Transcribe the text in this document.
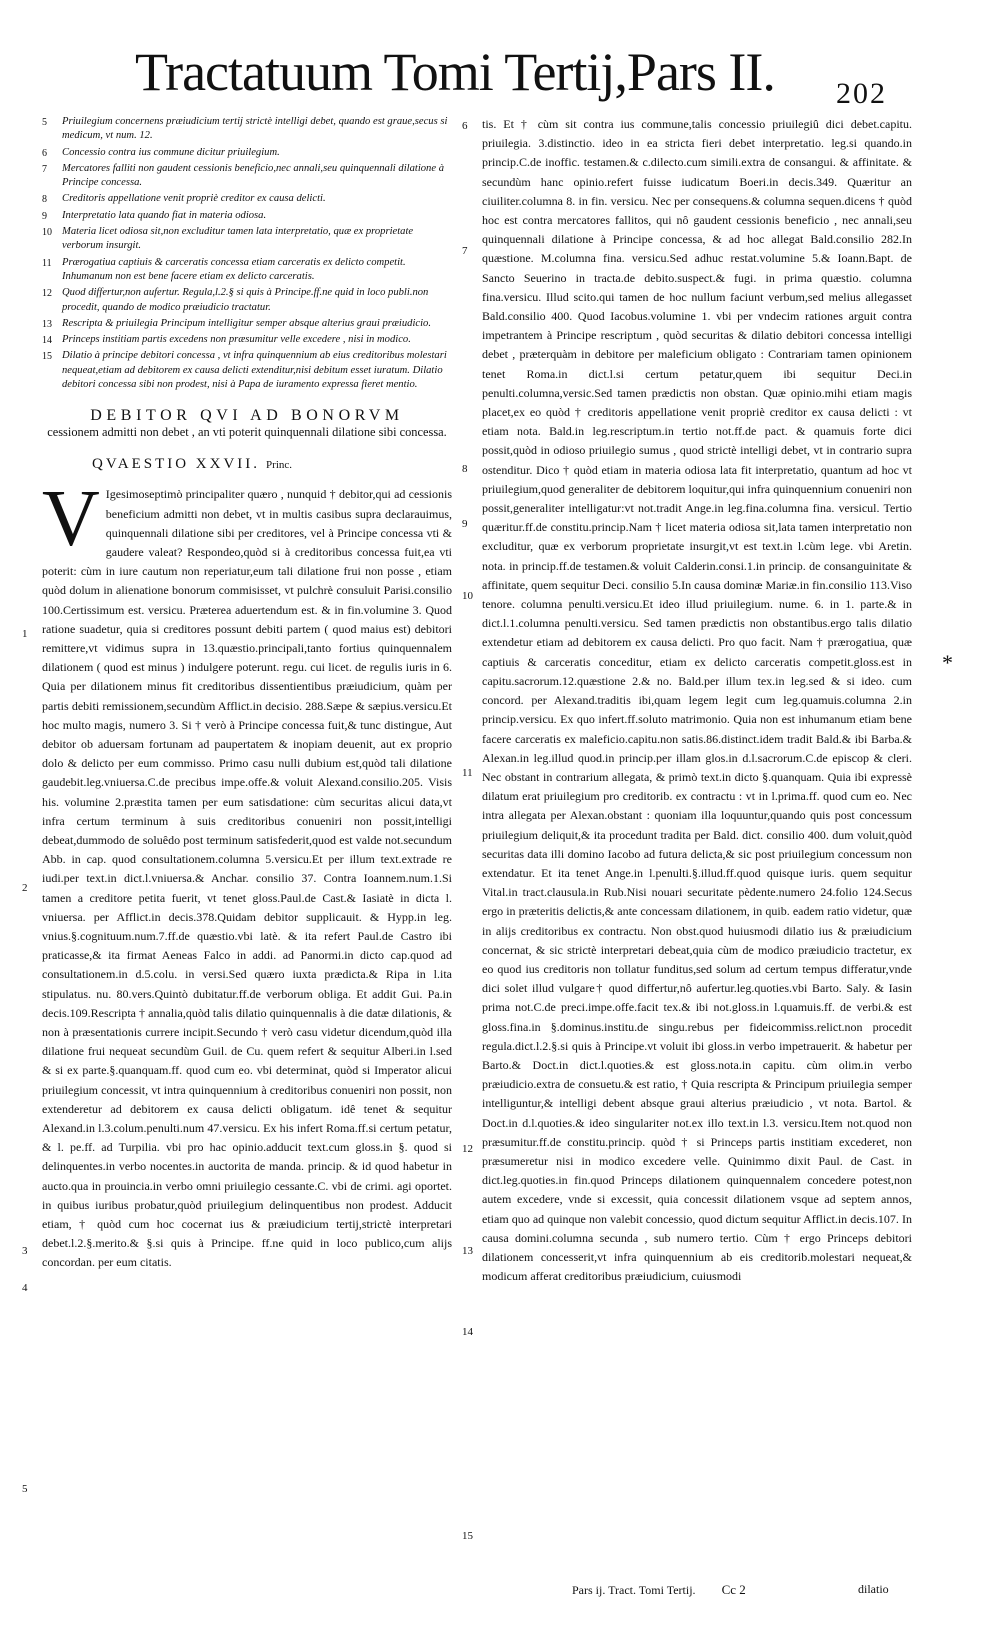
Tractatuum Tomi Tertij,Pars II. 202
5	Priuilegium concernens præiudicium tertij strictè intelligi debet, quando est graue,secus si medicum, vt num. 12.
6	Concessio contra ius commune dicitur priuilegium.
7	Mercatores falliti non gaudent cessionis beneficio,nec annali,seu quinquennali dilatione à Principe concessa.
8	Creditoris appellatione venit propriè creditor ex causa delicti.
9	Interpretatio lata quando fiat in materia odiosa.
10 Materia licet odiosa sit,non excluditur tamen lata interpretatio, quæ ex proprietate verborum insurgit.
11 Prærogatiua captiuis & carceratis concessa etiam carceratis ex delicto competit. Inhumanum non est bene facere etiam ex delicto carceratis.
12 Quod differtur,non aufertur. Regula,l.2.§ si quis à Principe.ff.ne quid in loco publi.non procedit, quando de modico præiudicio tractatur.
13 Rescripta & priuilegia Principum intelligitur semper absque alterius graui præiudicio.
14 Princeps institiam partis excedens non præsumitur velle excedere , nisi in modico.
15 Dilatio à principe debitori concessa , vt infra quinquennium ab eius creditoribus molestari nequeat,etiam ad debitorem ex causa delicti extenditur,nisi debitum esset iuratum. Dilatio debitori concessa sibi non prodest, nisi à Papa de iuramento expressa fieret mentio.
DEBITOR QVI AD BONORVM
cessionem admitti non debet , an vti poterit quinquennali dilatione sibi concessa.
QVAESTIO XXVII. Princ.
V Igesimoseptimò principaliter quæro , nunquid † debitor,qui ad cessionis beneficium admitti non debet, vt in multis casibus supra declarauimus, quinquennali dilatione sibi per creditores, vel à Principe concessa vti & gaudere valeat? Respondeo,quòd si à creditoribus concessa fuit,ea vti poterit: cùm in iure cautum non reperiatur,eum tali dilatione frui non posse , etiam quòd dolum in alienatione bonorum commisisset, vt pulchrè consuluit Parisi.consilio 100.Certissimum est. versicu. Præterea aduertendum est. & in fin.volumine 3. Quod ratione suadetur, quia si creditores possunt debiti partem ( quod maius est) debitori remittere,vt vidimus supra in 13.quæstio.principali,tanto fortius quinquennalem dilationem ( quod est minus ) indulgere poterunt. regu. cui licet. de regulis iuris in 6. Quia per dilationem minus fit creditoribus dissentientibus præiudicium, quàm per partis debiti remissionem,secundùm Afflict.in decisio. 288.Sæpe & sæpius.versicu.Et hoc multo magis, numero 3. Si † verò à Principe concessa fuit,& tunc distingue, Aut debitor ob aduersam fortunam ad paupertatem & inopiam deuenit, aut ex proprio dolo & delicto per eum commisso. Primo casu nulli dubium est,quòd tali dilatione gaudebit.leg.vniuersa.C.de precibus impe.offe.& voluit Alexand.consilio.205. Visis his. volumine 2.præstita tamen per eum satisdatione: cùm securitas alicui data,vt infra certum terminum à suis creditoribus conueniri non possit,intelligi debeat,dummodo de soluêdo post terminum satisfederit,quod est valde not.secundum Abb. in cap. quod consultationem.columna 5.versicu.Et per illum text.extrade re iudi.per text.in dict.l.vniuersa.& Anchar. consilio 37. Contra Ioannem.num.1.Si tamen a creditore petita fuerit, vt tenet gloss.Paul.de Cast.& Iasiatè in dicta l. vniuersa. per Afflict.in decis.378.Quidam debitor supplicauit. & Hypp.in leg. vnius.§.cognituum.num.7.ff.de quæstio.vbi latè. & ita refert Paul.de Castro ibi praticasse,& ita firmat Aeneas Falco in addi. ad Panormi.in dicto cap.quod ad consultationem.in d.5.colu. in versi.Sed quæro iuxta prædicta.& Ripa in l.ita stipulatus. nu. 80.vers.Quintò dubitatur.ff.de verborum obliga. Et addit Gui. Pa.in decis.109.Rescripta † annalia,quòd talis dilatio quinquennalis à die datæ dilationis, & non à præsentationis currere incipit.Secundo † verò casu videtur dicendum,quòd illa dilatione frui nequeat secundùm Guil. de Cu. quem refert & sequitur Alberi.in l.sed & si ex parte.§.quanquam.ff. quod cum eo. vbi determinat, quòd si Imperator alicui priuilegium concessit, vt intra quinquennium à creditoribus conueniri non possit, non extenderetur ad debitorem ex causa delicti obligatum. idê tenet & sequitur Alexand.in l.3.colum.penulti.num 47.versicu. Ex his infert Roma.ff.si certum petatur, & l. pe.ff. ad Turpilia. vbi pro hac opinio.adducit text.cum gloss.in §. quod si delinquentes.in verbo nocentes.in auctorita de manda. princip. & id quod habetur in aucto.qua in prouincia.in verbo omni priuilegio cessante.C. vbi de crimi. agi oportet. in quibus iuribus probatur,quòd priuilegium delinquentibus non prodest. Adducit etiam, † quòd cum hoc cocernat ius & præiudicium tertij,strictè interpretari debet.l.2.§.merito.& §.si quis à Principe. ff.ne quid in loco publico,cum alijs concordan. per eum citatis.
1
2
3
4
5
tis. Et † cùm sit contra ius commune,talis concessio priuilegiû dici debet.capitu. priuilegia. 3.distinctio. ideo in ea stricta fieri debet interpretatio. leg.si quando.in princip.C.de inoffic. testamen.& c.dilecto.cum simili.extra de consangui. & affinitate. & secundùm hanc opinio.refert fuisse iudicatum Boeri.in decis.349. Quæritur an ciuiliter.columna 8. in fin. versicu. Nec per consequens.& columna sequen.dicens † quòd hoc est contra mercatores fallitos, qui nô gaudent cessionis beneficio , nec annali,seu quinquennali dilatione à Principe concessa, & ad hoc allegat Bald.consilio 282.In quæstione. M.columna fina. versicu.Sed adhuc restat.volumine 5.& Ioann.Bapt. de Sancto Seuerino in tracta.de debito.suspect.& fugi. in prima quæstio. columna fina.versicu. Illud scito.qui tamen de hoc nullum faciunt verbum,sed melius allegasset Bald.consilio 400. Quod Iacobus.volumine 1. vbi per vndecim rationes arguit contra impetrantem à Principe rescriptum , quòd securitas & dilatio debitori concessa intelligi debet , præterquàm in debitore per maleficium obligato : Contrariam tamen opinionem tenet Roma.in dict.l.si certum petatur,quem ibi sequitur Deci.in penulti.columna,versic.Sed tamen prædictis non obstan. Quæ opinio.mihi etiam magis placet,ex eo quòd † creditoris appellatione venit propriè creditor ex causa delicti : vt etiam nota. Bald.in leg.rescriptum.in tertio not.ff.de pact. & quamuis forte dici possit,quòd in odioso priuilegio sumus , quod strictè intelligi debet, vt in contrario supra ostenditur. Dico † quòd etiam in materia odiosa lata fit interpretatio, quantum ad hoc vt priuilegium,quod generaliter de debitorem loquitur,qui infra quinquennium conueniri non possit,generaliter intelligatur:vt not.tradit Ange.in leg.fina.columna fina. versicul. Tertio quæritur.ff.de constitu.princip.Nam † licet materia odiosa sit,lata tamen interpretatio non excluditur, quæ ex verborum proprietate insurgit,vt est text.in l.cùm lege. vbi Aretin. nota. in princip.ff.de testamen.& voluit Calderin.consi.1.in princip. de consanguinitate & affinitate, quem sequitur Deci. consilio 5.In causa dominæ Mariæ.in fin.consilio 113.Viso tenore. columna penulti.versicu.Et ideo illud priuilegium. nume. 6. in 1. parte.& in dict.l.1.columna penulti.versicu. Sed tamen prædictis non obstantibus.ergo talis dilatio extendetur etiam ad debitorem ex causa delicti. Pro quo facit. Nam † prærogatiua, quæ captiuis & carceratis conceditur, etiam ex delicto carceratis competit.gloss.est in capitu.sacrorum.12.quæstione 2.& no. Bald.per illum tex.in leg.sed & si ideo. cum concord. per Alexand.traditis ibi,quam legem legit cum leg.quamuis.columna 2.in princip.versicu. Ex quo infert.ff.soluto matrimonio. Quia non est inhumanum etiam bene facere carceratis ex maleficio.capitu.non satis.86.distinct.idem tradit Bald.& ibi Barba.& Alexan.in leg.illud quod.in princip.per illam glos.in d.l.sacrorum.C.de episcop & cleri. Nec obstant in contrarium allegata, & primò text.in dicto §.quanquam. Quia ibi expressè dilatum erat priuilegium pro creditorib. ex contractu : vt in l.prima.ff. quod cum eo. Nec intra allegata per Alexan.obstant : quoniam illa loquuntur,quando quis post concessum priuilegium deliquit,& ita procedunt tradita per Bald. dict. consilio 400. dum voluit,quòd securitas data illi domino Iacobo ad futura delicta,& sic post priuilegium concessum non extendatur. Et ita tenet Ange.in l.penulti.§.illud.ff.quod quisque iuris. quem sequitur Vital.in tract.clausula.in Rub.Nisi nouari securitate pèdente.numero 24.folio 124.Secus ergo in præteritis delictis,& ante concessam dilationem, in quib. eadem ratio videtur, quæ in alijs creditoribus ex contractu. Non obst.quod huiusmodi dilatio ius & præiudicium concernat, & sic strictè interpretari debeat,quia cùm de modico præiudicio tractetur, ex eo quod ius creditoris non tollatur funditus,sed solum ad certum tempus differatur,vnde dici solet illud vulgare† quod differtur,nô aufertur.leg.quoties.vbi Barto. Saly. & Iasin prima not.C.de preci.impe.offe.facit tex.& ibi not.gloss.in l.quamuis.ff. de verbi.& est gloss.fina.in §.dominus.institu.de singu.rebus per fideicommiss.relict.non procedit regula.dict.l.2.§.si quis à Principe.vt voluit ibi gloss.in verbo impetrauerit. & habetur per Barto.& Doct.in dict.l.quoties.& est gloss.nota.in capitu. cùm olim.in verbo præiudicio.extra de consuetu.& est ratio, † Quia rescripta & Principum priuilegia semper intelliguntur,& intelligi debent absque graui alterius præiudicio , vt nota. Bartol. & Doct.in d.l.quoties.& ideo singulariter not.ex illo text.in l.3. versicu.Item not.quod non præsumitur.ff.de constitu.princip. quòd † si Princeps partis institiam excederet, non præsumeretur nisi in modico excedere velle. Quinimmo dixit Paul. de Cast. in dict.leg.quoties.in fin.quod Princeps dilationem quinquennalem concedere potest,non autem excedere, vnde si excessit, quia concessit dilationem vsque ad septem annos, etiam quo ad quinque non valebit concessio, quod dictum sequitur Afflict.in decis.107. In causa domini.columna secunda , sub numero tertio. Cùm † ergo Princeps debitori dilationem concesserit,vt infra quinquennium ab eis creditorib.molestari nequeat,& modicum afferat creditoribus præiudicium, cuiusmodi
6
7
8
9
10
11
12
13
14
15
*
Pars ij. Tract. Tomi Tertij. Cc 2	dilatio
